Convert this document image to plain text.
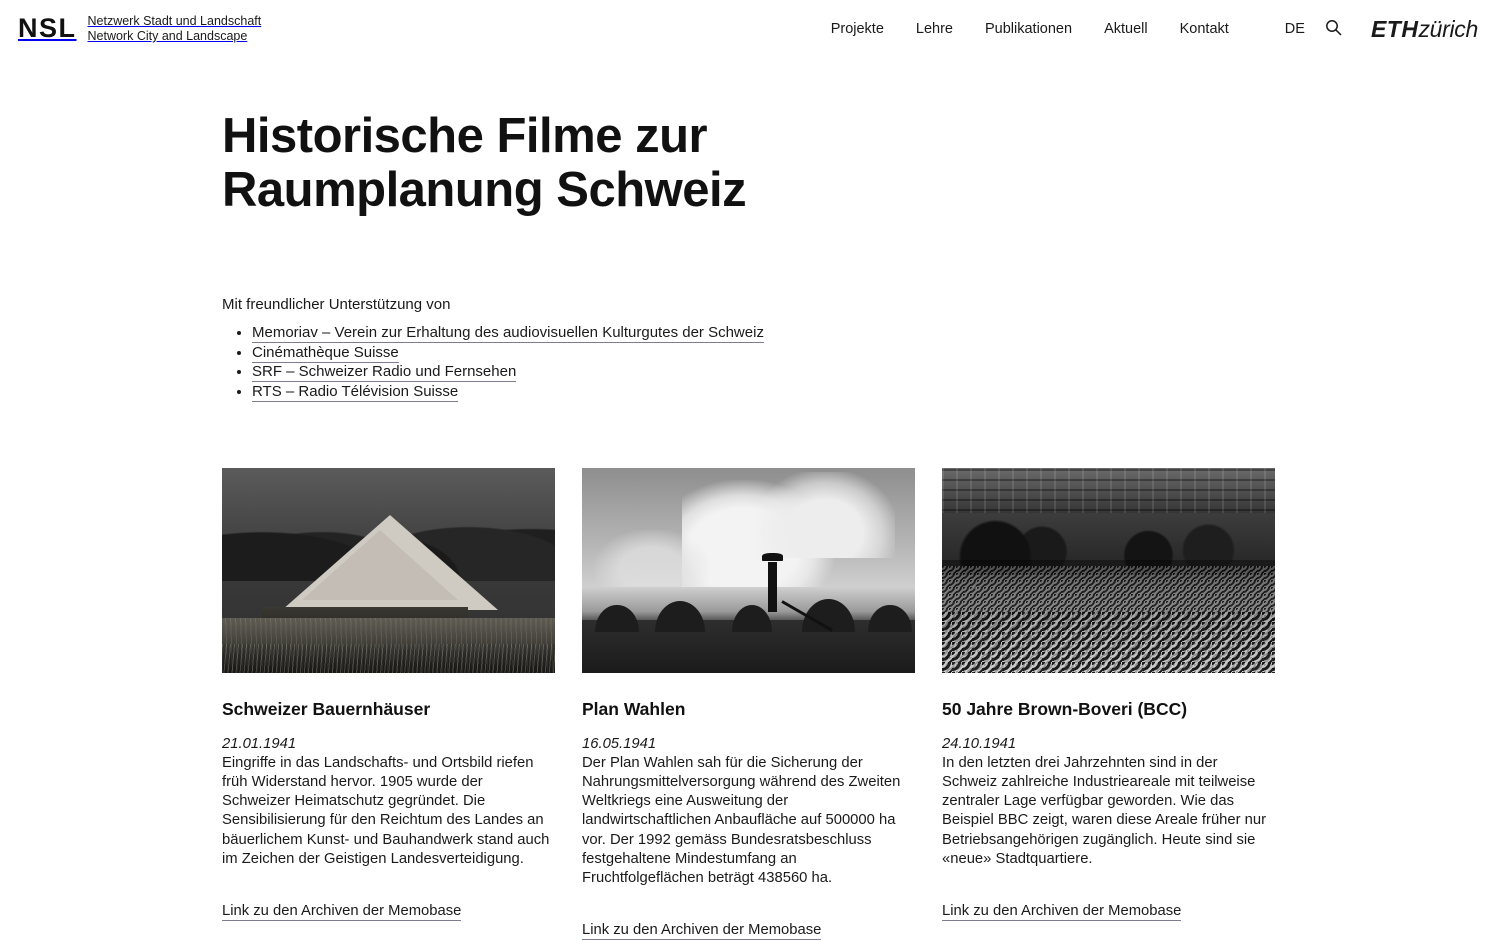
NSL Netzwerk Stadt und Landschaft
Network City and Landscape	Projekte	Lehre	Publikationen	Aktuell	Kontakt	DE	ETHzürich
Historische Filme zur Raumplanung Schweiz
Mit freundlicher Unterstützung von
• Memoriav – Verein zur Erhaltung des audiovisuellen Kulturgutes der Schweiz
• Cinémathèque Suisse
• SRF – Schweizer Radio und Fernsehen
• RTS – Radio Télévision Suisse
Schweizer Bauernhäuser
21.01.1941

Eingriffe in das Landschafts- und Ortsbild riefen früh Widerstand hervor. 1905 wurde der Schweizer Heimatschutz gegründet. Die Sensibilisierung für den Reichtum des Landes an bäuerlichem Kunst- und Bauhandwerk stand auch im Zeichen der Geistigen Landesverteidigung.

Link zu den Archiven der Memobase
Plan Wahlen
16.05.1941

Der Plan Wahlen sah für die Sicherung der Nahrungsmittelversorgung während des Zweiten Weltkriegs eine Ausweitung der landwirtschaftlichen Anbaufläche auf 500000 ha vor. Der 1992 gemäss Bundesratsbeschluss festgehaltene Mindestumfang an Fruchtfolgeflächen beträgt 438560 ha.

Link zu den Archiven der Memobase
50 Jahre Brown-Boveri (BCC)
24.10.1941

In den letzten drei Jahrzehnten sind in der Schweiz zahlreiche Industrieareale mit teilweise zentraler Lage verfügbar geworden. Wie das Beispiel BBC zeigt, waren diese Areale früher nur Betriebsangehörigen zugänglich. Heute sind sie «neue» Stadtquartiere.

Link zu den Archiven der Memobase
